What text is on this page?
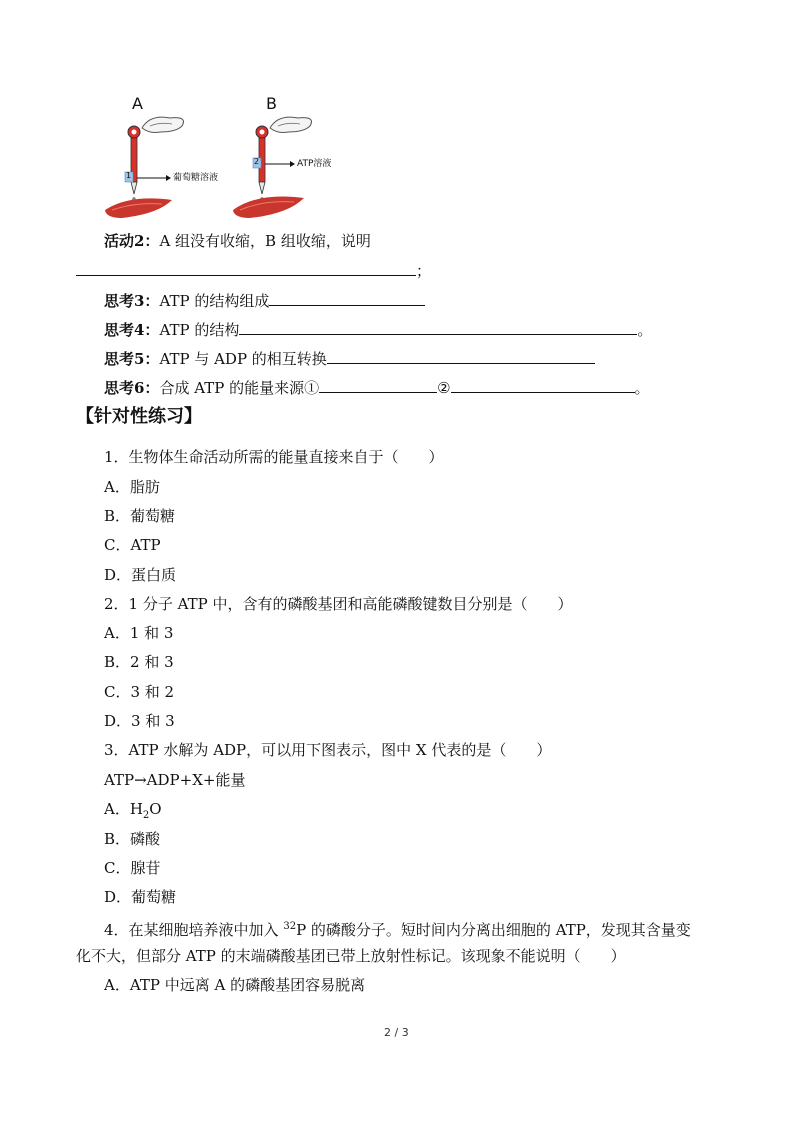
A
1	葡萄糖溶液
B
2	ATP溶液
活动2：A 组没有收缩，B 组收缩，说明
；
思考3：ATP 的结构组成
思考4：ATP 的结构	。
思考5：ATP 与 ADP 的相互转换
思考6：合成 ATP 的能量来源①	②	。
【针对性练习】
1．生物体生命活动所需的能量直接来自于（　　）
A．脂肪
B．葡萄糖
C．ATP
D．蛋白质
2．1 分子 ATP 中，含有的磷酸基团和高能磷酸键数目分别是（　　）
A．1 和 3
B．2 和 3
C．3 和 2
D．3 和 3
3．ATP 水解为 ADP，可以用下图表示，图中 X 代表的是（　　）
ATP→ADP+X+能量
A．$H_2O$
B．磷酸
C．腺苷
D．葡萄糖
4．在某细胞培养液中加入 $^{32}$P 的磷酸分子。短时间内分离出细胞的 ATP，发现其含量变
化不大，但部分 ATP 的末端磷酸基团已带上放射性标记。该现象不能说明（　　）
A．ATP 中远离 A 的磷酸基团容易脱离
2 / 3
